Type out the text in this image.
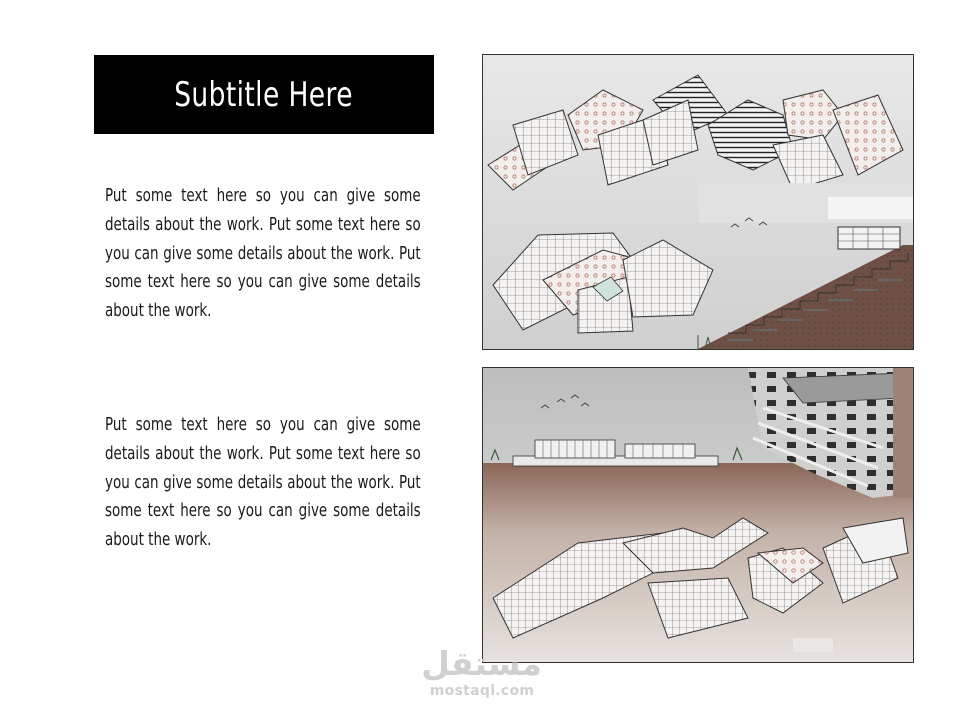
Subtitle Here

Put some text here so you can give some details about the work. Put some text here so you can give some details about the work. Put some text here so you can give some details about the work.

Put some text here so you can give some details about the work. Put some text here so you can give some details about the work. Put some text here so you can give some details about the work.

مستقل
mostaql.com
